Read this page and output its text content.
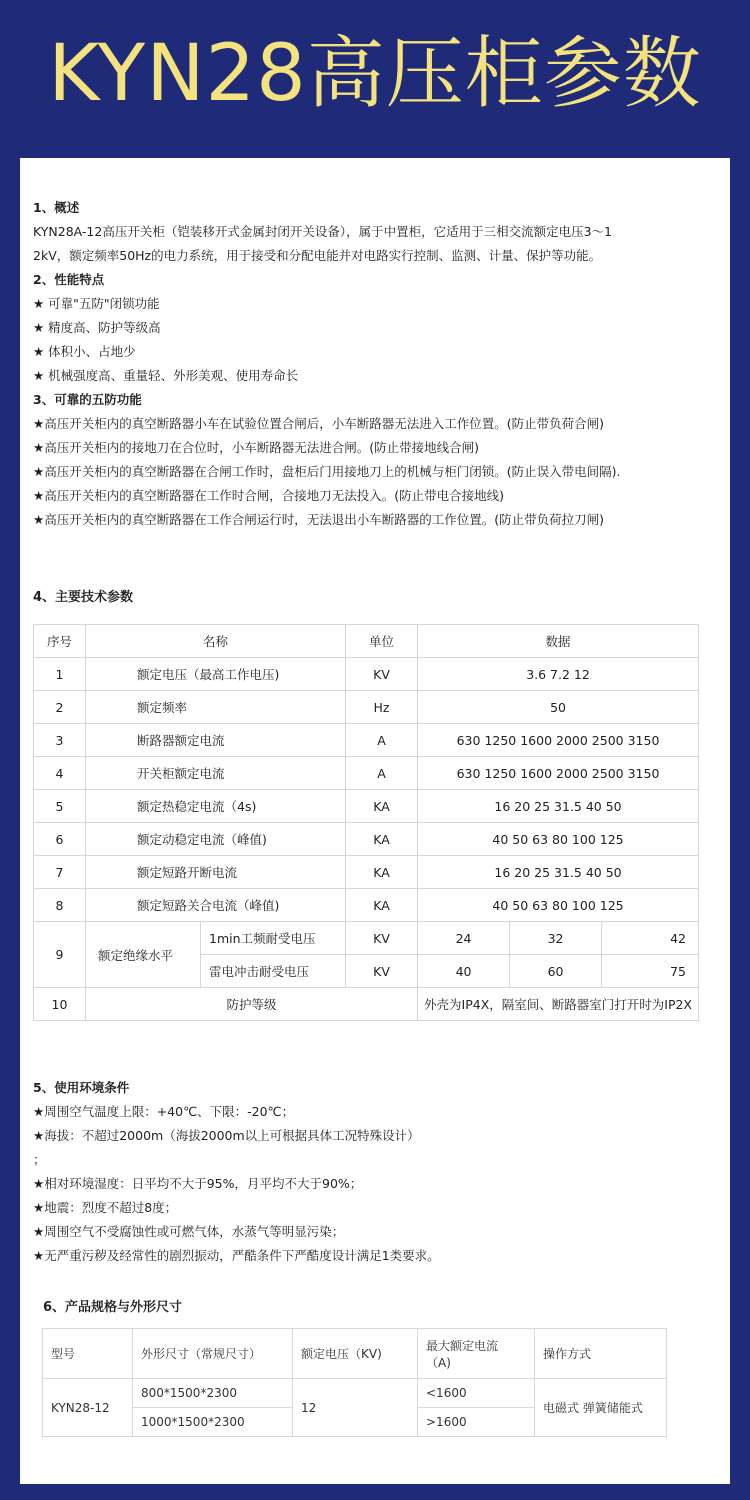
KYN28高压柜参数
1、概述
KYN28A-12高压开关柜（铠装移开式金属封闭开关设备），属于中置柜，它适用于三相交流额定电压3～1
2kV，额定频率50Hz的电力系统，用于接受和分配电能并对电路实行控制、监测、计量、保护等功能。
2、性能特点
★ 可靠"五防"闭锁功能
★ 精度高、防护等级高
★ 体积小、占地少
★ 机械强度高、重量轻、外形美观、使用寿命长
3、可靠的五防功能
★高压开关柜内的真空断路器小车在试验位置合闸后，小车断路器无法进入工作位置。(防止带负荷合闸)
★高压开关柜内的接地刀在合位时，小车断路器无法进合闸。(防止带接地线合闸)
★高压开关柜内的真空断路器在合闸工作时，盘柜后门用接地刀上的机械与柜门闭锁。(防止误入带电间隔).
★高压开关柜内的真空断路器在工作时合闸，合接地刀无法投入。(防止带电合接地线)
★高压开关柜内的真空断路器在工作合闸运行时，无法退出小车断路器的工作位置。(防止带负荷拉刀闸)
4、主要技术参数
序号	名称		单位	数据		
1	额定电压（最高工作电压)		KV	3.6 7.2 12		
2	额定频率		Hz	50		
3	断路器额定电流		A	630 1250 1600 2000 2500 3150		
4	开关柜额定电流		A	630 1250 1600 2000 2500 3150		
5	额定热稳定电流（4s)		KA	16 20 25 31.5 40 50		
6	额定动稳定电流（峰值)		KA	40 50 63 80 100 125		
7	额定短路开断电流		KA	16 20 25 31.5 40 50		
8	额定短路关合电流（峰值)		KA	40 50 63 80 100 125		
9	额定绝缘水平	1min工频耐受电压	KV	24	32	42
		雷电冲击耐受电压	KV	40	60	75
10	防护等级			外壳为IP4X，隔室间、断路器室门打开时为IP2X		
5、使用环境条件
★周围空气温度上限：+40℃、下限：-20℃；
★海拔：不超过2000m（海拔2000m以上可根据具体工况特殊设计）
；
★相对环境湿度：日平均不大于95%，月平均不大于90%；
★地震：烈度不超过8度；
★周围空气不受腐蚀性或可燃气体，水蒸气等明显污染；
★无严重污秽及经常性的剧烈振动，严酷条件下严酷度设计满足1类要求。
6、产品规格与外形尺寸
型号	外形尺寸（常规尺寸）	额定电压（KV)	最大额定电流
（A)	操作方式
KYN28-12	800*1500*2300	12	<1600	电磁式 弹簧储能式
	1000*1500*2300		>1600	
